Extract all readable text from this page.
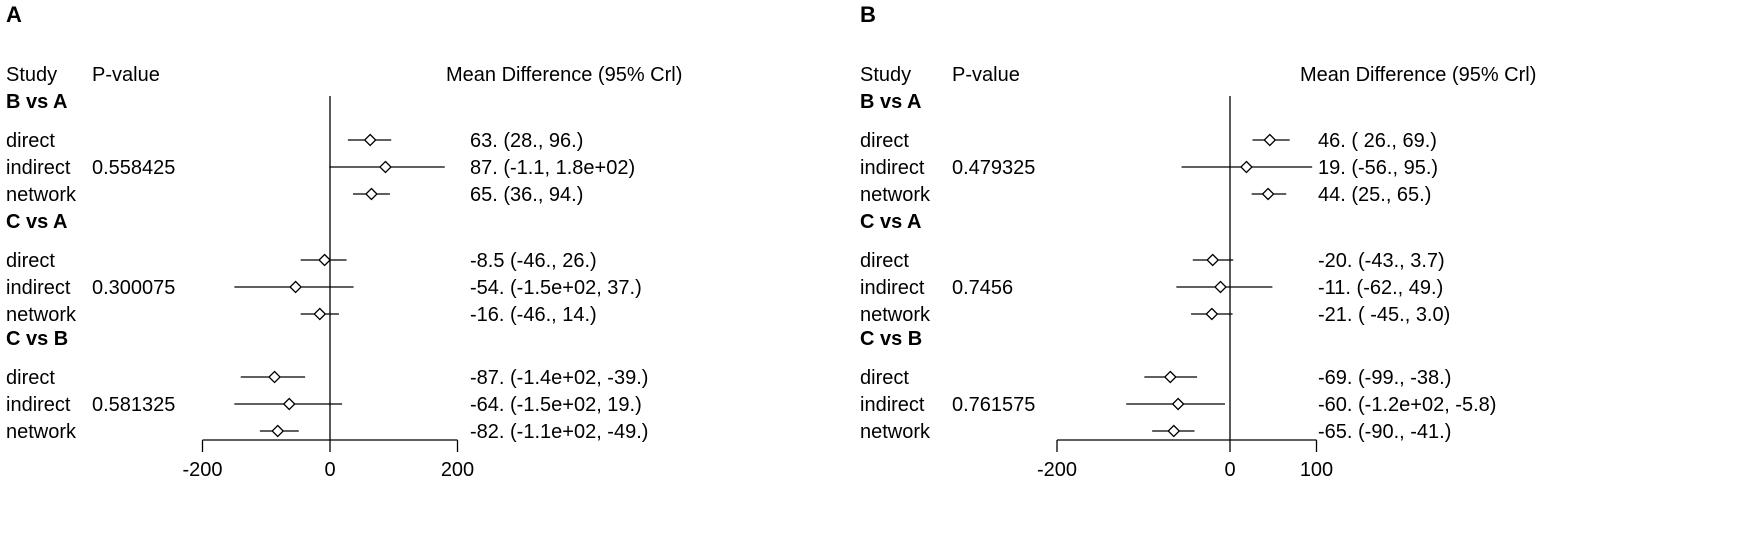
A
Study P-value	Mean Difference (95% Crl)
-200	0	200
B vs A
direct	63. (28., 96.)
indirect 0.558425	87. (-1.1, 1.8e+02)
network	65. (36., 94.)
C vs A
direct	-8.5 (-46., 26.)
indirect 0.300075	-54. (-1.5e+02, 37.)
network	-16. (-46., 14.)
C vs B
direct	-87. (-1.4e+02, -39.)
indirect 0.581325	-64. (-1.5e+02, 19.)
network	-82. (-1.1e+02, -49.)
B
Study P-value	Mean Difference (95% Crl)
-200	0	100
B vs A
direct	46. ( 26., 69.)
indirect 0.479325	19. (-56., 95.)
network	44. (25., 65.)
C vs A
direct	-20. (-43., 3.7)
indirect 0.7456	-11. (-62., 49.)
network	-21. ( -45., 3.0)
C vs B
direct	-69. (-99., -38.)
indirect 0.761575	-60. (-1.2e+02, -5.8)
network	-65. (-90., -41.)
